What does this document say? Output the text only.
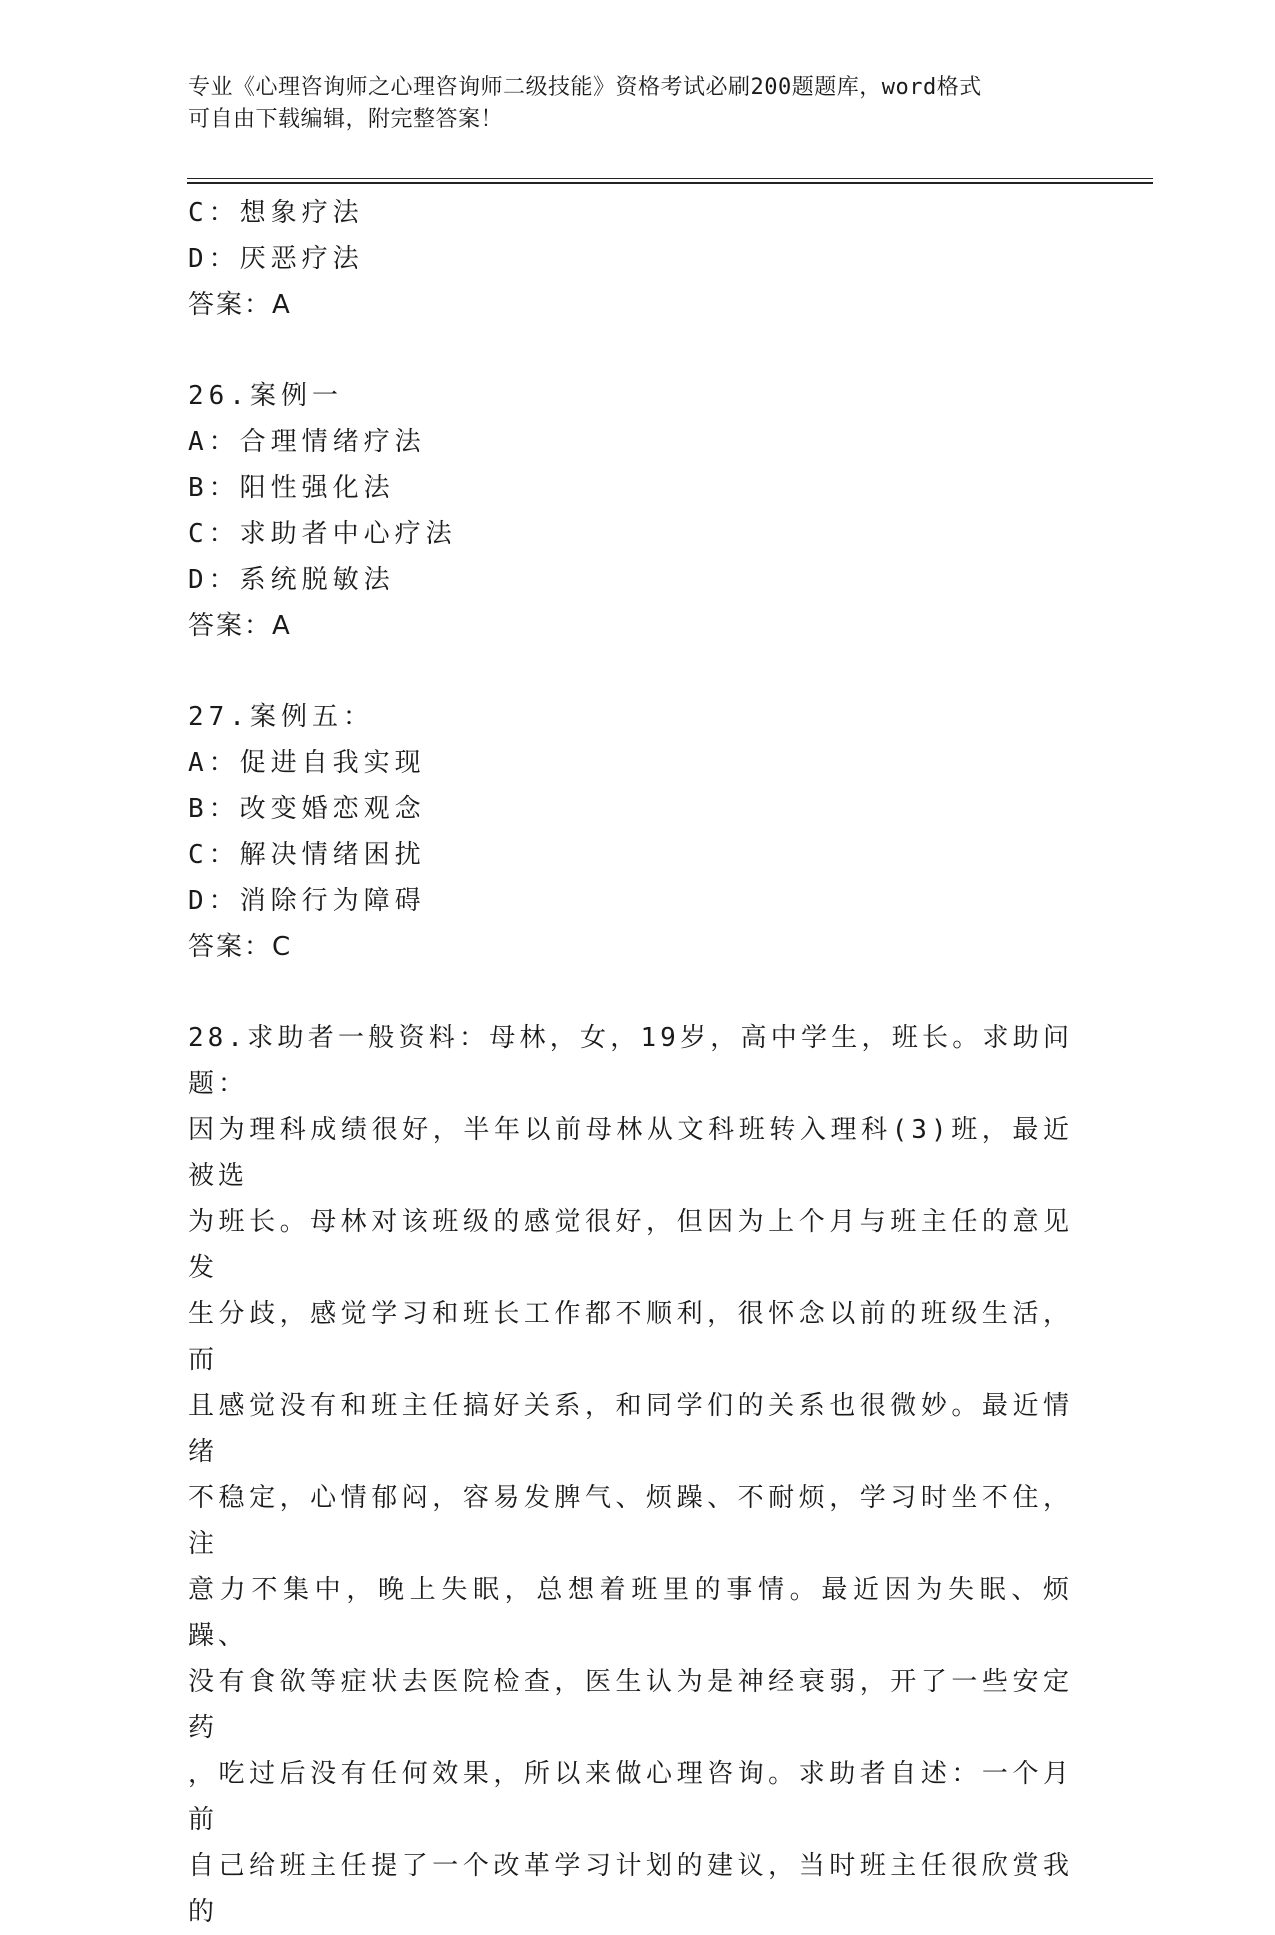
专业《心理咨询师之心理咨询师二级技能》资格考试必刷200题题库，word格式
可自由下载编辑，附完整答案！
C：想象疗法
D：厌恶疗法
答案：A
26.案例一
A：合理情绪疗法
B：阳性强化法
C：求助者中心疗法
D：系统脱敏法
答案：A
27.案例五：
A：促进自我实现
B：改变婚恋观念
C：解决情绪困扰
D：消除行为障碍
答案：C
28.求助者一般资料：母林，女，19岁，高中学生，班长。求助问题：
因为理科成绩很好，半年以前母林从文科班转入理科(3)班，最近被选
为班长。母林对该班级的感觉很好，但因为上个月与班主任的意见发
生分歧，感觉学习和班长工作都不顺利，很怀念以前的班级生活，而
且感觉没有和班主任搞好关系，和同学们的关系也很微妙。最近情绪
不稳定，心情郁闷，容易发脾气、烦躁、不耐烦，学习时坐不住，注
意力不集中，晚上失眠，总想着班里的事情。最近因为失眠、烦躁、
没有食欲等症状去医院检查，医生认为是神经衰弱，开了一些安定药
，吃过后没有任何效果，所以来做心理咨询。求助者自述：一个月前
自己给班主任提了一个改革学习计划的建议，当时班主任很欣赏我的
